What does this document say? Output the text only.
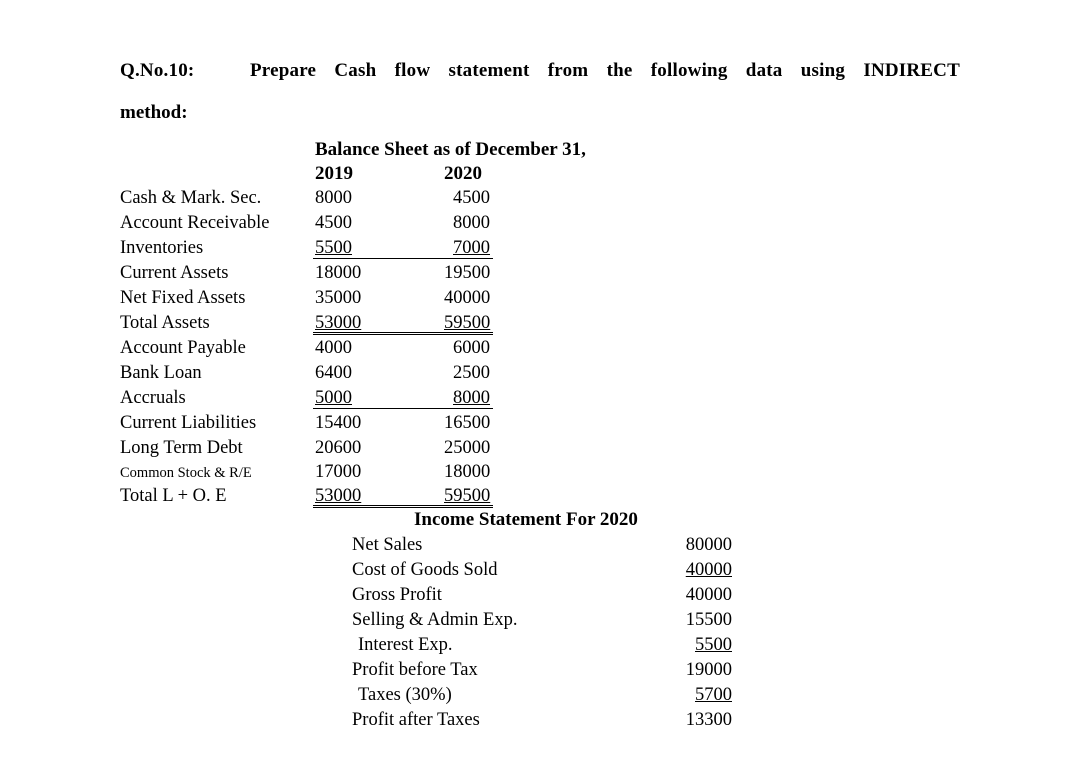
Q.No.10:	Prepare Cash flow statement from the following data using INDIRECT
method:
Balance Sheet as of December 31,
2019	2020
Cash & Mark. Sec.	8000	4500
Account Receivable 4500	8000
Inventories	5500	7000
Current Assets	18000	19500
Net Fixed Assets	35000	40000
Total Assets	53000	59500
Account Payable	4000	6000
Bank Loan	6400	2500
Accruals	5000	8000
Current Liabilities	15400	16500
Long Term Debt	20600	25000
Common Stock & R/E	17000	18000
Total L + O. E	53000	59500
Income Statement For 2020
Net Sales	80000
Cost of Goods Sold	40000
Gross Profit	40000
Selling & Admin Exp.	15500
Interest Exp.	5500
Profit before Tax	19000
Taxes (30%)	5700
Profit after Taxes	13300
